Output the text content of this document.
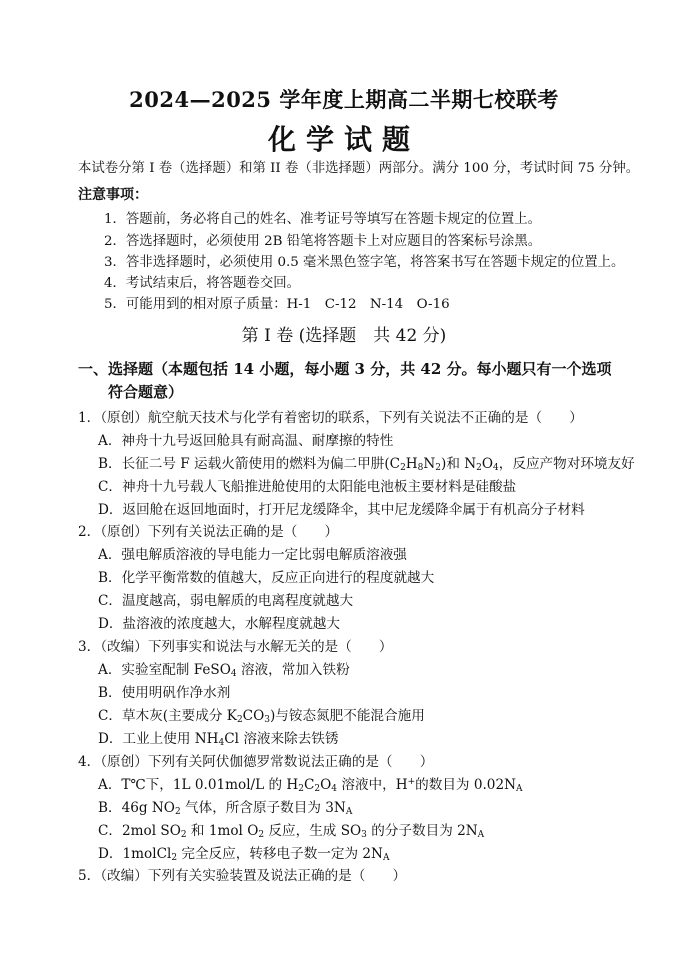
2024—2025 学年度上期高二半期七校联考
化学试题
本试卷分第 I 卷（选择题）和第 II 卷（非选择题）两部分。满分 100 分，考试时间 75 分钟。
注意事项：
1．答题前，务必将自己的姓名、准考证号等填写在答题卡规定的位置上。
2．答选择题时，必须使用 2B 铅笔将答题卡上对应题目的答案标号涂黑。
3．答非选择题时，必须使用 0.5 毫米黑色签字笔，将答案书写在答题卡规定的位置上。
4．考试结束后，将答题卷交回。
5．可能用到的相对原子质量：H-1　C-12　N-14　O-16
第 I 卷 (选择题　共 42 分)
一、选择题（本题包括 14 小题，每小题 3 分，共 42 分。每小题只有一个选项
符合题意）
1．（原创）航空航天技术与化学有着密切的联系，下列有关说法不正确的是（　　）
A．神舟十九号返回舱具有耐高温、耐摩擦的特性
B．长征二号 F 运载火箭使用的燃料为偏二甲肼$(C_2H_8N_2)$和 $N_2O_4$，反应产物对环境友好
C．神舟十九号载人飞船推进舱使用的太阳能电池板主要材料是硅酸盐
D．返回舱在返回地面时，打开尼龙缓降伞，其中尼龙缓降伞属于有机高分子材料
2．（原创）下列有关说法正确的是（　　）
A．强电解质溶液的导电能力一定比弱电解质溶液强
B．化学平衡常数的值越大，反应正向进行的程度就越大
C．温度越高，弱电解质的电离程度就越大
D．盐溶液的浓度越大，水解程度就越大
3．（改编）下列事实和说法与水解无关的是（　　）
A．实验室配制 FeSO$_4$ 溶液，常加入铁粉
B．使用明矾作净水剂
C．草木灰(主要成分 $K_2CO_3$)与铵态氮肥不能混合施用
D．工业上使用 $NH_4Cl$ 溶液来除去铁锈
4．（原创）下列有关阿伏伽德罗常数说法正确的是（　　）
A．T℃下，1L 0.01mol/L 的 $H_2C_2O_4$ 溶液中，H+的数目为 $0.02N_A$
B．46g $NO_2$ 气体，所含原子数目为 $3N_A$
C．2mol $SO_2$ 和 1mol $O_2$ 反应，生成 $SO_3$ 的分子数目为 $2N_A$
D．1molCl$_2$ 完全反应，转移电子数一定为 $2N_A$
5．（改编）下列有关实验装置及说法正确的是（　　）
